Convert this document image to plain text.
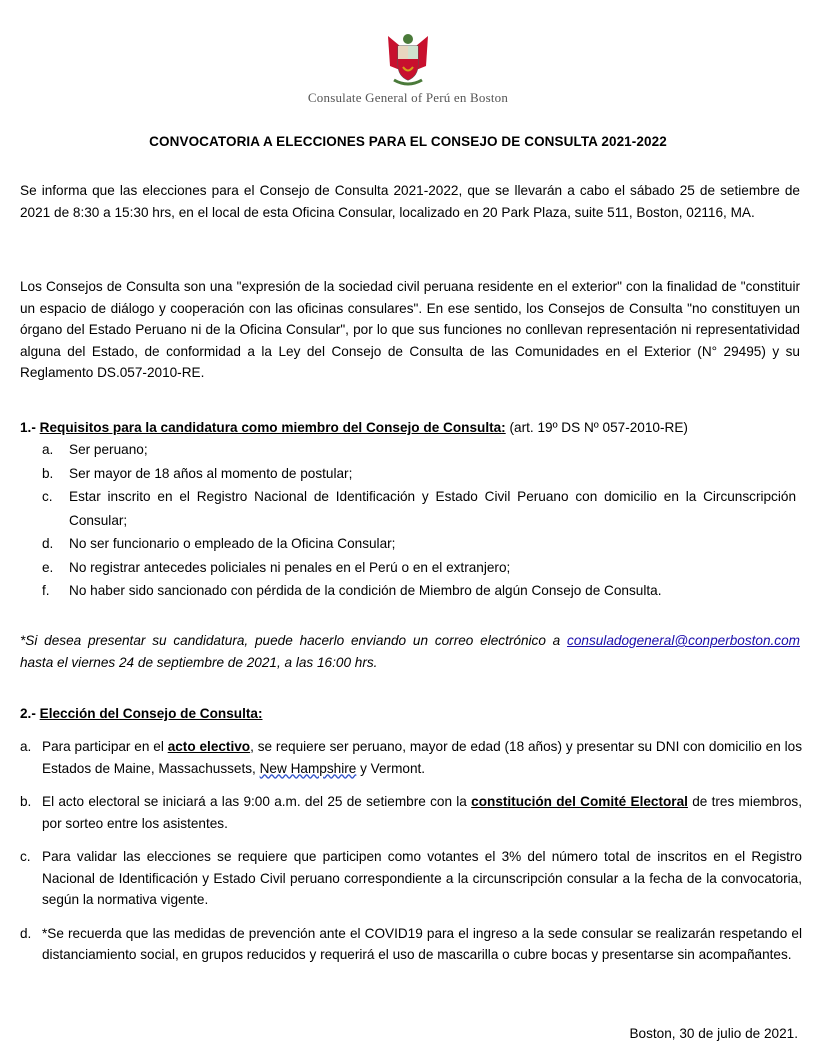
Consulate General of Perú en Boston
CONVOCATORIA A ELECCIONES PARA EL CONSEJO DE CONSULTA 2021-2022
Se informa que las elecciones para el Consejo de Consulta 2021-2022, que se llevarán a cabo el sábado 25 de setiembre de 2021 de 8:30 a 15:30 hrs, en el local de esta Oficina Consular, localizado en 20 Park Plaza, suite 511, Boston, 02116, MA.
Los Consejos de Consulta son una "expresión de la sociedad civil peruana residente en el exterior" con la finalidad de "constituir un espacio de diálogo y cooperación con las oficinas consulares". En ese sentido, los Consejos de Consulta "no constituyen un órgano del Estado Peruano ni de la Oficina Consular", por lo que sus funciones no conllevan representación ni representatividad alguna del Estado, de conformidad a la Ley del Consejo de Consulta de las Comunidades en el Exterior (N° 29495) y su Reglamento DS.057-2010-RE.
1.- Requisitos para la candidatura como miembro del Consejo de Consulta: (art. 19º DS Nº 057-2010-RE)
a. Ser peruano;
b. Ser mayor de 18 años al momento de postular;
c. Estar inscrito en el Registro Nacional de Identificación y Estado Civil Peruano con domicilio en la Circunscripción Consular;
d. No ser funcionario o empleado de la Oficina Consular;
e. No registrar antecedes policiales ni penales en el Perú o en el extranjero;
f. No haber sido sancionado con pérdida de la condición de Miembro de algún Consejo de Consulta.
*Si desea presentar su candidatura, puede hacerlo enviando un correo electrónico a consuladogeneral@conperboston.com hasta el viernes 24 de septiembre de 2021, a las 16:00 hrs.
2.- Elección del Consejo de Consulta:
a. Para participar en el acto electivo, se requiere ser peruano, mayor de edad (18 años) y presentar su DNI con domicilio en los Estados de Maine, Massachussets, New Hampshire y Vermont.
b. El acto electoral se iniciará a las 9:00 a.m. del 25 de setiembre con la constitución del Comité Electoral de tres miembros, por sorteo entre los asistentes.
c. Para validar las elecciones se requiere que participen como votantes el 3% del número total de inscritos en el Registro Nacional de Identificación y Estado Civil peruano correspondiente a la circunscripción consular a la fecha de la convocatoria, según la normativa vigente.
d. *Se recuerda que las medidas de prevención ante el COVID19 para el ingreso a la sede consular se realizarán respetando el distanciamiento social, en grupos reducidos y requerirá el uso de mascarilla o cubre bocas y presentarse sin acompañantes.
Boston, 30 de julio de 2021.
